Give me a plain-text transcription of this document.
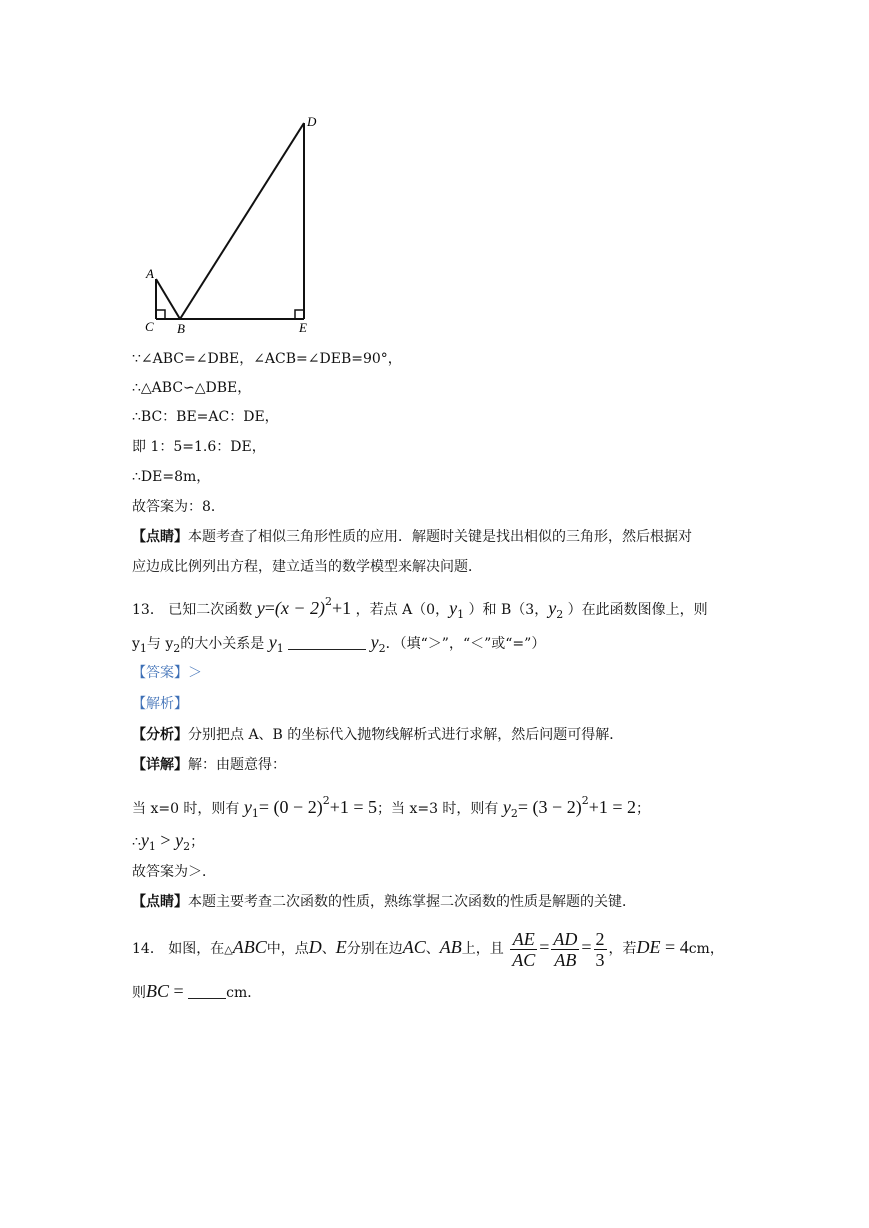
A
C B
D
E
∵∠ABC=∠DBE，∠ACB=∠DEB=90°，
∴△ABC∽△DBE，
∴BC：BE=AC：DE，
即 1：5=1.6：DE，
∴DE=8m，
故答案为：8．
【点睛】本题考查了相似三角形性质的应用．解题时关键是找出相似的三角形，然后根据对
应边成比例列出方程，建立适当的数学模型来解决问题．
13． 已知二次函数 $y=(x - 2)^2+1$ ，若点 A（0，$y_1$ ）和 B（3，$y_2$ ）在此函数图像上，则
$y_1$与 $y_2$的大小关系是 $y_1$	$y_2$．（填“＞”，“＜”或“=”）
【答案】＞
【解析】
【分析】分别把点 A、B 的坐标代入抛物线解析式进行求解，然后问题可得解．
【详解】解：由题意得：
当 x=0 时，则有 $y_1= (0 - 2)^2+1 = 5$；当 x=3 时，则有 $y_2= (3 - 2)^2+1 = 2$；
$\therefore y_1 > y_2$；
故答案为＞．
【点睛】本题主要考查二次函数的性质，熟练掌握二次函数的性质是解题的关键．
14． 如图，在△ABC中，点D、E分别在边AC、AB上，且 $\frac{AE}{AC} = \frac{AD}{AB} = \frac{2}{3}$ ，若DE = 4cm，
则BC =	cm．
